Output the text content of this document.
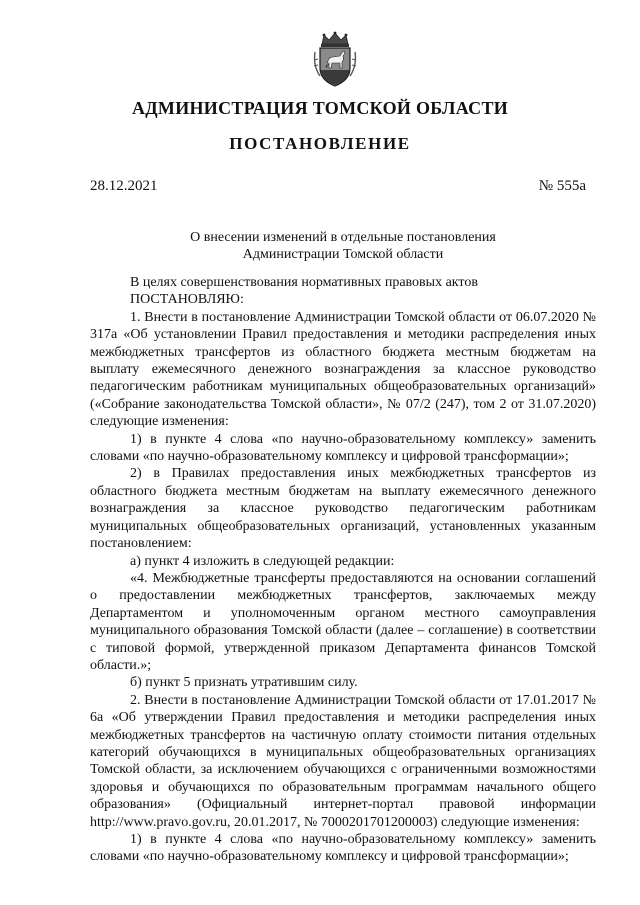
АДМИНИСТРАЦИЯ ТОМСКОЙ ОБЛАСТИ
ПОСТАНОВЛЕНИЕ
28.12.2021	№ 555а
О внесении изменений в отдельные постановления
Администрации Томской области

В целях совершенствования нормативных правовых актов

ПОСТАНОВЛЯЮ:

1. Внести в постановление Администрации Томской области от 06.07.2020 № 317а «Об установлении Правил предоставления и методики распределения иных межбюджетных трансфертов из областного бюджета местным бюджетам на выплату ежемесячного денежного вознаграждения за классное руководство педагогическим работникам муниципальных общеобразовательных организаций» («Собрание законодательства Томской области», № 07/2 (247), том 2 от 31.07.2020) следующие изменения:

1) в пункте 4 слова «по научно-образовательному комплексу» заменить словами «по научно-образовательному комплексу и цифровой трансформации»;

2) в Правилах предоставления иных межбюджетных трансфертов из областного бюджета местным бюджетам на выплату ежемесячного денежного вознаграждения за классное руководство педагогическим работникам муниципальных общеобразовательных организаций, установленных указанным постановлением:

а) пункт 4 изложить в следующей редакции:

«4. Межбюджетные трансферты предоставляются на основании соглашений о предоставлении межбюджетных трансфертов, заключаемых между Департаментом и уполномоченным органом местного самоуправления муниципального образования Томской области (далее – соглашение) в соответствии с типовой формой, утвержденной приказом Департамента финансов Томской области.»;

б) пункт 5 признать утратившим силу.

2. Внести в постановление Администрации Томской области от 17.01.2017 № 6а «Об утверждении Правил предоставления и методики распределения иных межбюджетных трансфертов на частичную оплату стоимости питания отдельных категорий обучающихся в муниципальных общеобразовательных организациях Томской области, за исключением обучающихся с ограниченными возможностями здоровья и обучающихся по образовательным программам начального общего образования» (Официальный интернет-портал правовой информации http://www.pravo.gov.ru, 20.01.2017, № 7000201701200003) следующие изменения:

1) в пункте 4 слова «по научно-образовательному комплексу» заменить словами «по научно-образовательному комплексу и цифровой трансформации»;
